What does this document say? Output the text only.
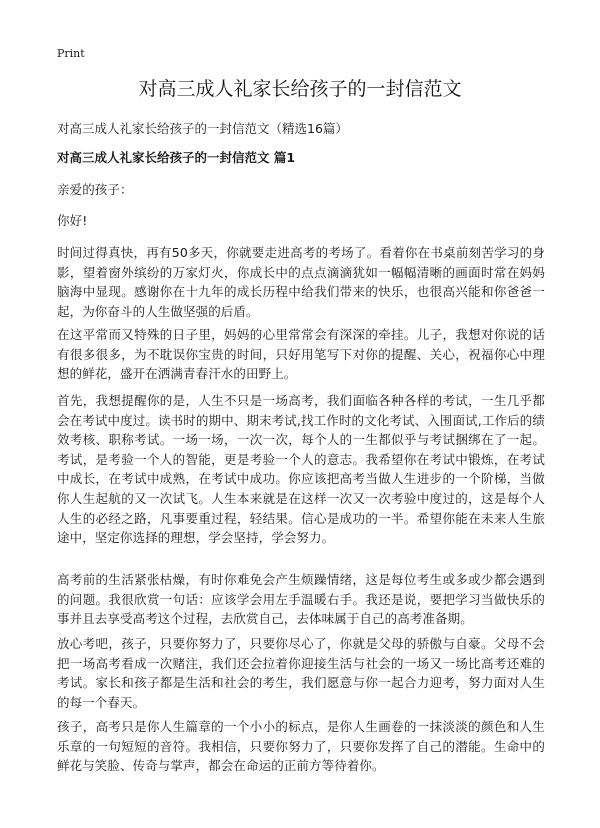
Print
对高三成人礼家长给孩子的一封信范文

对高三成人礼家长给孩子的一封信范文（精选16篇）

对高三成人礼家长给孩子的一封信范文 篇1

亲爱的孩子：

你好!

时间过得真快，再有50多天，你就要走进高考的考场了。看着你在书桌前刻苦学习的身影，望着窗外缤纷的万家灯火，你成长中的点点滴滴犹如一幅幅清晰的画面时常在妈妈脑海中显现。感谢你在十九年的成长历程中给我们带来的快乐，也很高兴能和你爸爸一起，为你奋斗的人生做坚强的后盾。

在这平常而又特殊的日子里，妈妈的心里常常会有深深的牵挂。儿子，我想对你说的话有很多很多，为不耽误你宝贵的时间，只好用笔写下对你的提醒、关心，祝福你心中理想的鲜花，盛开在洒满青春汗水的田野上。

首先，我想提醒你的是，人生不只是一场高考，我们面临各种各样的考试，一生几乎都会在考试中度过。读书时的期中、期末考试,找工作时的文化考试、入围面试,工作后的绩效考核、职称考试。一场一场，一次一次，每个人的一生都似乎与考试捆绑在了一起。考试，是考验一个人的智能，更是考验一个人的意志。我希望你在考试中锻炼，在考试中成长，在考试中成熟，在考试中成功。你应该把高考当做人生进步的一个阶梯，当做你人生起航的又一次试飞。人生本来就是在这样一次又一次考验中度过的，这是每个人人生的必经之路，凡事要重过程，轻结果。信心是成功的一半。希望你能在未来人生旅途中，坚定你选择的理想，学会坚持，学会努力。

高考前的生活紧张枯燥，有时你难免会产生烦躁情绪，这是每位考生或多或少都会遇到的问题。我很欣赏一句话：应该学会用左手温暖右手。我还是说，要把学习当做快乐的事并且去享受高考这个过程，去欣赏自己，去体味属于自己的高考准备期。

放心考吧，孩子，只要你努力了，只要你尽心了，你就是父母的骄傲与自豪。父母不会把一场高考看成一次赌注，我们还会拉着你迎接生活与社会的一场又一场比高考还难的考试。家长和孩子都是生活和社会的考生，我们愿意与你一起合力迎考，努力面对人生的每一个春天。

孩子，高考只是你人生篇章的一个小小的标点，是你人生画卷的一抹淡淡的颜色和人生乐章的一句短短的音符。我相信，只要你努力了，只要你发挥了自己的潜能。生命中的鲜花与笑脸、传奇与掌声，都会在命运的正前方等待着你。
